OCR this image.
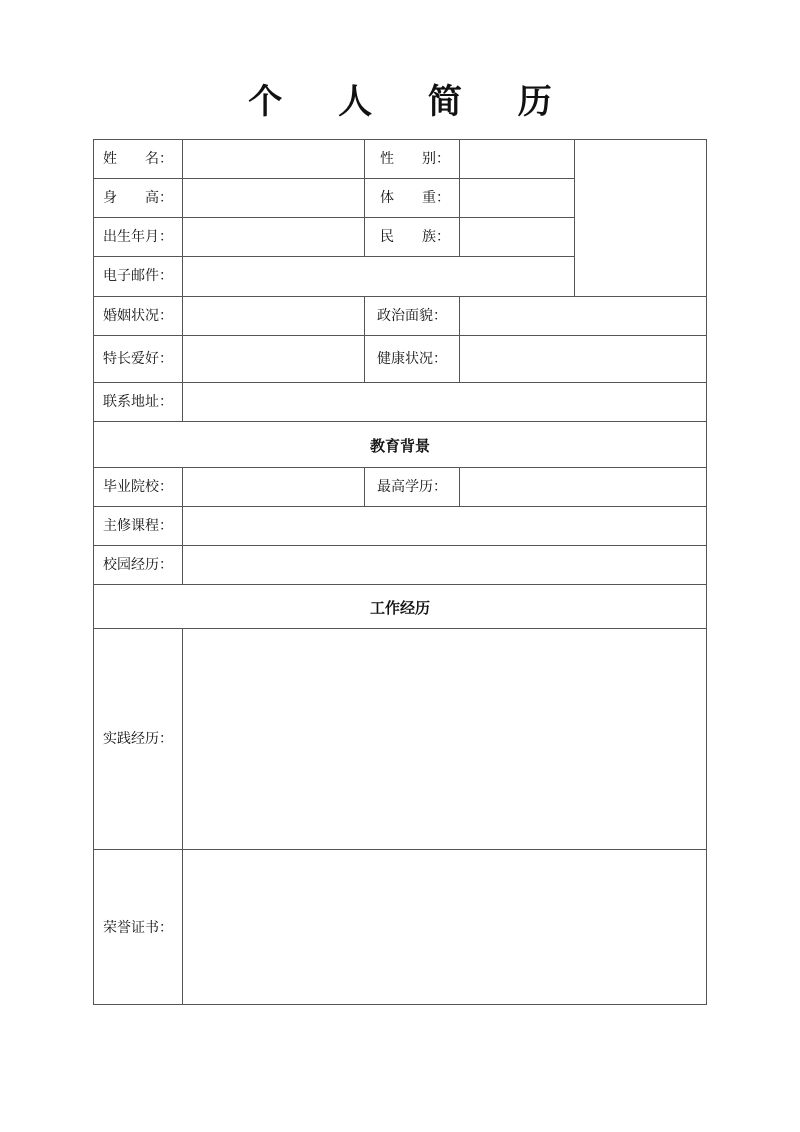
个 人 简 历
姓　　名：	性　　别：
身　　高：	体　　重：
出生年月：	民　　族：
电子邮件：
婚姻状况：	政治面貌：
特长爱好：	健康状况：
联系地址：
教育背景
毕业院校：	最高学历：
主修课程：
校园经历：
工作经历
实践经历：
荣誉证书：
